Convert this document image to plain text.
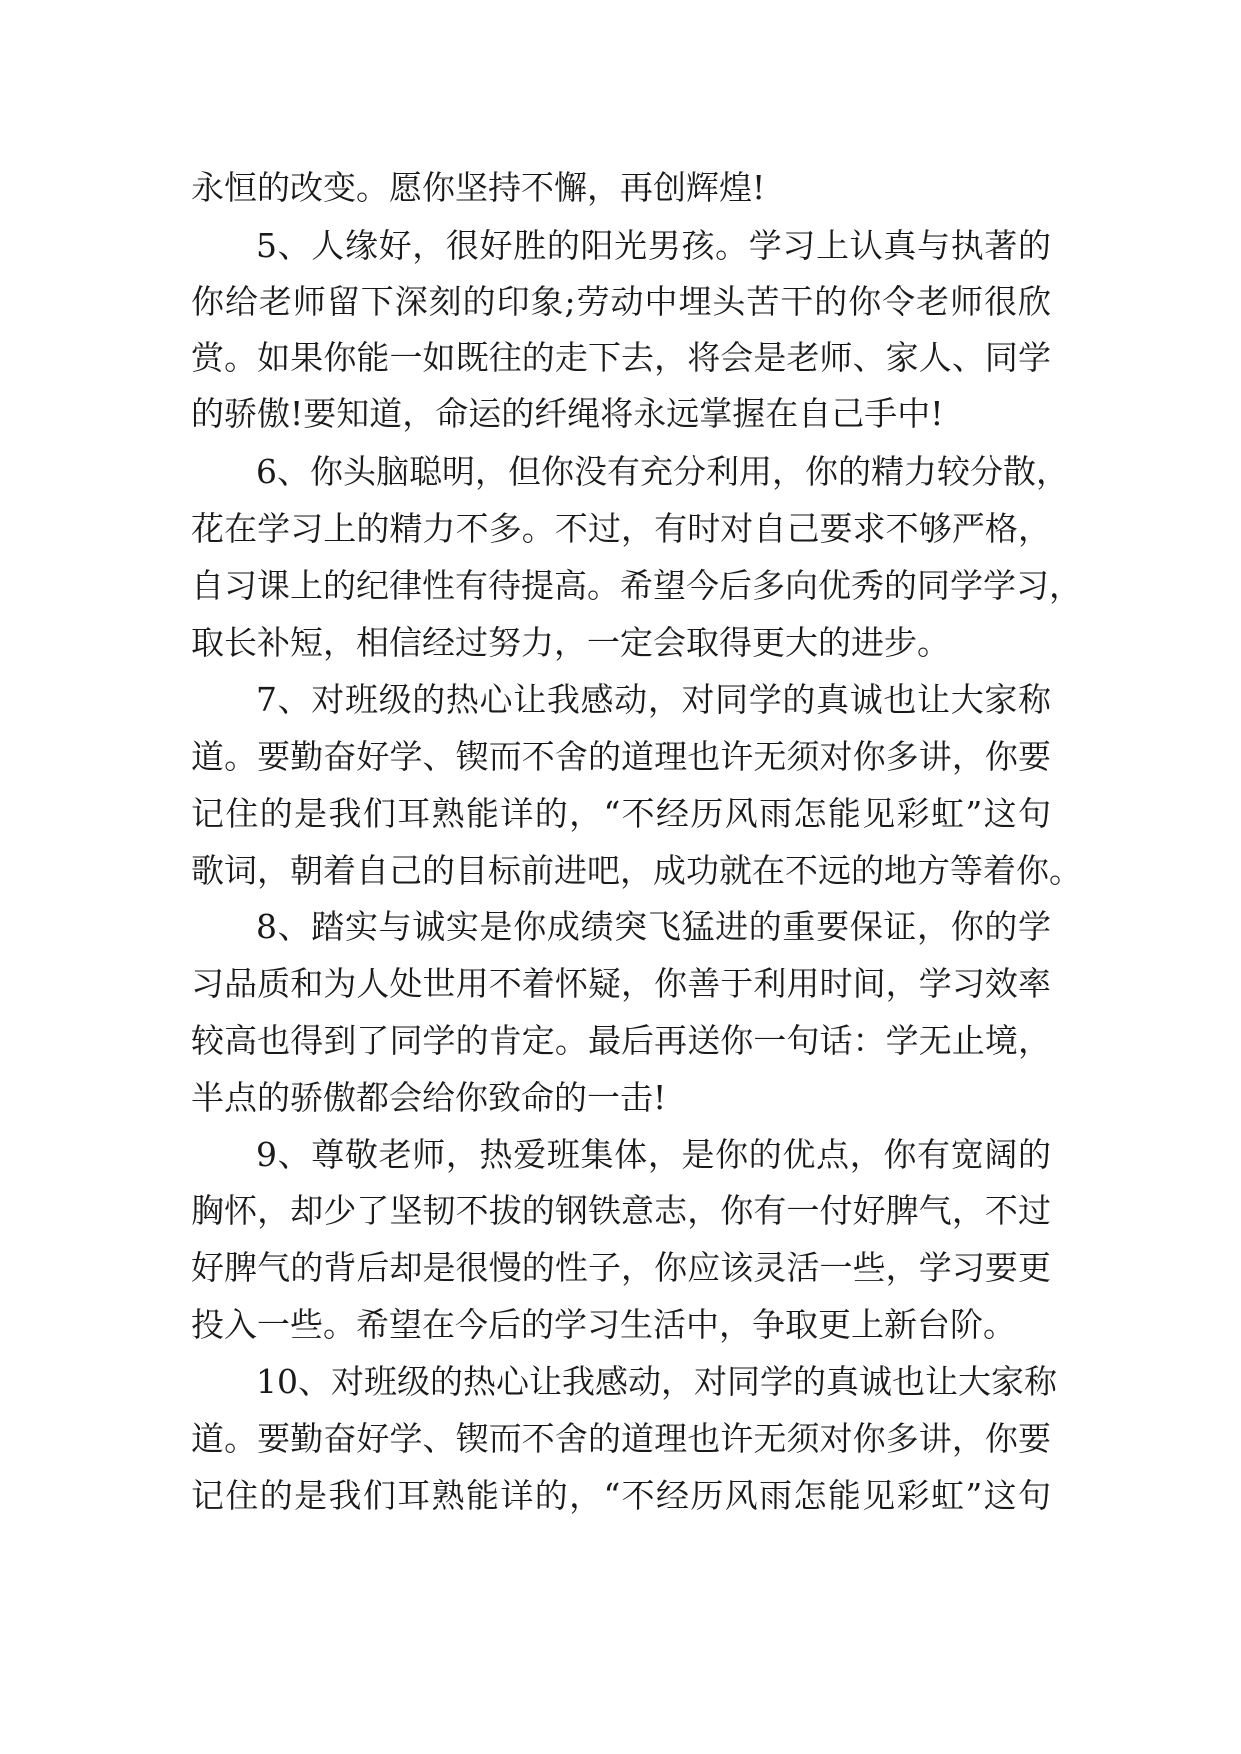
永恒的改变。愿你坚持不懈，再创辉煌!
5、人缘好，很好胜的阳光男孩。学习上认真与执著的
你给老师留下深刻的印象;劳动中埋头苦干的你令老师很欣
赏。如果你能一如既往的走下去，将会是老师、家人、同学
的骄傲!要知道，命运的纤绳将永远掌握在自己手中!
6、你头脑聪明，但你没有充分利用，你的精力较分散，
花在学习上的精力不多。不过，有时对自己要求不够严格，
自习课上的纪律性有待提高。希望今后多向优秀的同学学习，
取长补短，相信经过努力，一定会取得更大的进步。
7、对班级的热心让我感动，对同学的真诚也让大家称
道。要勤奋好学、锲而不舍的道理也许无须对你多讲，你要
记住的是我们耳熟能详的，“不经历风雨怎能见彩虹”这句
歌词，朝着自己的目标前进吧，成功就在不远的地方等着你。
8、踏实与诚实是你成绩突飞猛进的重要保证，你的学
习品质和为人处世用不着怀疑，你善于利用时间，学习效率
较高也得到了同学的肯定。最后再送你一句话：学无止境，
半点的骄傲都会给你致命的一击!
9、尊敬老师，热爱班集体，是你的优点，你有宽阔的
胸怀，却少了坚韧不拔的钢铁意志，你有一付好脾气，不过
好脾气的背后却是很慢的性子，你应该灵活一些，学习要更
投入一些。希望在今后的学习生活中，争取更上新台阶。
10、对班级的热心让我感动，对同学的真诚也让大家称
道。要勤奋好学、锲而不舍的道理也许无须对你多讲，你要
记住的是我们耳熟能详的，“不经历风雨怎能见彩虹”这句
